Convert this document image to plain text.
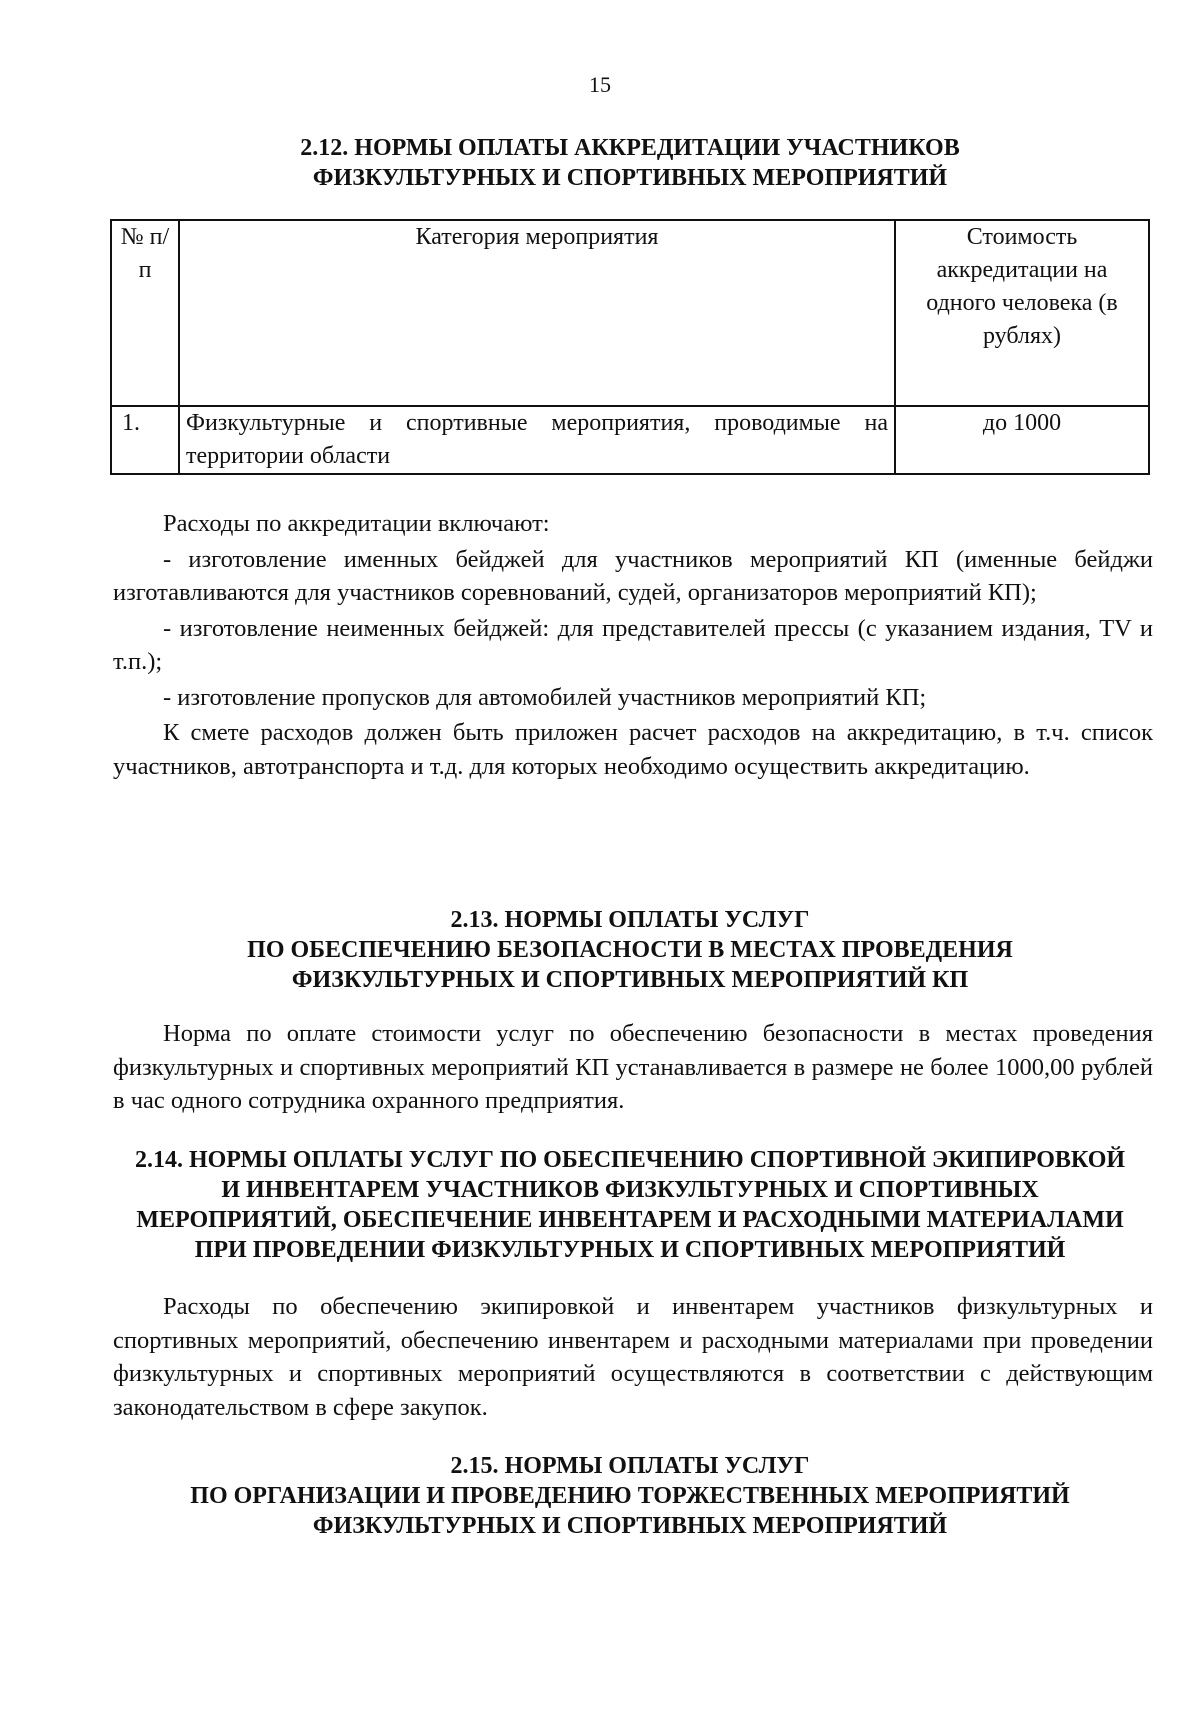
15
2.12. НОРМЫ ОПЛАТЫ АККРЕДИТАЦИИ УЧАСТНИКОВ
ФИЗКУЛЬТУРНЫХ И СПОРТИВНЫХ МЕРОПРИЯТИЙ
№ п/п	Категория мероприятия	Стоимость аккредитации на одного человека (в рублях)
1.	Физкультурные и спортивные мероприятия, проводимые на территории области	до 1000

Расходы по аккредитации включают:

- изготовление именных бейджей для участников мероприятий КП (именные бейджи изготавливаются для участников соревнований, судей, организаторов мероприятий КП);

- изготовление неименных бейджей: для представителей прессы (с указанием издания, TV и т.п.);

- изготовление пропусков для автомобилей участников мероприятий КП;

К смете расходов должен быть приложен расчет расходов на аккредитацию, в т.ч. список участников, автотранспорта и т.д. для которых необходимо осуществить аккредитацию.

2.13. НОРМЫ ОПЛАТЫ УСЛУГ
ПО ОБЕСПЕЧЕНИЮ БЕЗОПАСНОСТИ В МЕСТАХ ПРОВЕДЕНИЯ
ФИЗКУЛЬТУРНЫХ И СПОРТИВНЫХ МЕРОПРИЯТИЙ КП

Норма по оплате стоимости услуг по обеспечению безопасности в местах проведения физкультурных и спортивных мероприятий КП устанавливается в размере не более 1000,00 рублей в час одного сотрудника охранного предприятия.

2.14. НОРМЫ ОПЛАТЫ УСЛУГ ПО ОБЕСПЕЧЕНИЮ СПОРТИВНОЙ ЭКИПИРОВКОЙ
И ИНВЕНТАРЕМ УЧАСТНИКОВ ФИЗКУЛЬТУРНЫХ И СПОРТИВНЫХ
МЕРОПРИЯТИЙ, ОБЕСПЕЧЕНИЕ ИНВЕНТАРЕМ И РАСХОДНЫМИ МАТЕРИАЛАМИ
ПРИ ПРОВЕДЕНИИ ФИЗКУЛЬТУРНЫХ И СПОРТИВНЫХ МЕРОПРИЯТИЙ

Расходы по обеспечению экипировкой и инвентарем участников физкультурных и спортивных мероприятий, обеспечению инвентарем и расходными материалами при проведении физкультурных и спортивных мероприятий осуществляются в соответствии с действующим законодательством в сфере закупок.

2.15. НОРМЫ ОПЛАТЫ УСЛУГ
ПО ОРГАНИЗАЦИИ И ПРОВЕДЕНИЮ ТОРЖЕСТВЕННЫХ МЕРОПРИЯТИЙ
ФИЗКУЛЬТУРНЫХ И СПОРТИВНЫХ МЕРОПРИЯТИЙ
